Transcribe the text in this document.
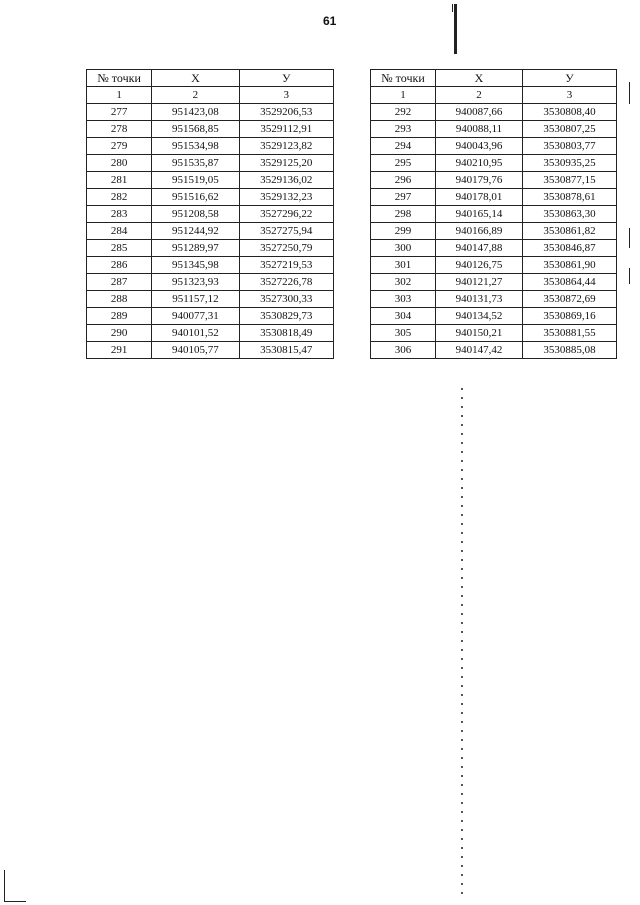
61
№ точки	X	У
1	2	3
277	951423,08	3529206,53
278	951568,85	3529112,91
279	951534,98	3529123,82
280	951535,87	3529125,20
281	951519,05	3529136,02
282	951516,62	3529132,23
283	951208,58	3527296,22
284	951244,92	3527275,94
285	951289,97	3527250,79
286	951345,98	3527219,53
287	951323,93	3527226,78
288	951157,12	3527300,33
289	940077,31	3530829,73
290	940101,52	3530818,49
291	940105,77	3530815,47
№ точки	X	У
1	2	3
292	940087,66	3530808,40
293	940088,11	3530807,25
294	940043,96	3530803,77
295	940210,95	3530935,25
296	940179,76	3530877,15
297	940178,01	3530878,61
298	940165,14	3530863,30
299	940166,89	3530861,82
300	940147,88	3530846,87
301	940126,75	3530861,90
302	940121,27	3530864,44
303	940131,73	3530872,69
304	940134,52	3530869,16
305	940150,21	3530881,55
306	940147,42	3530885,08
